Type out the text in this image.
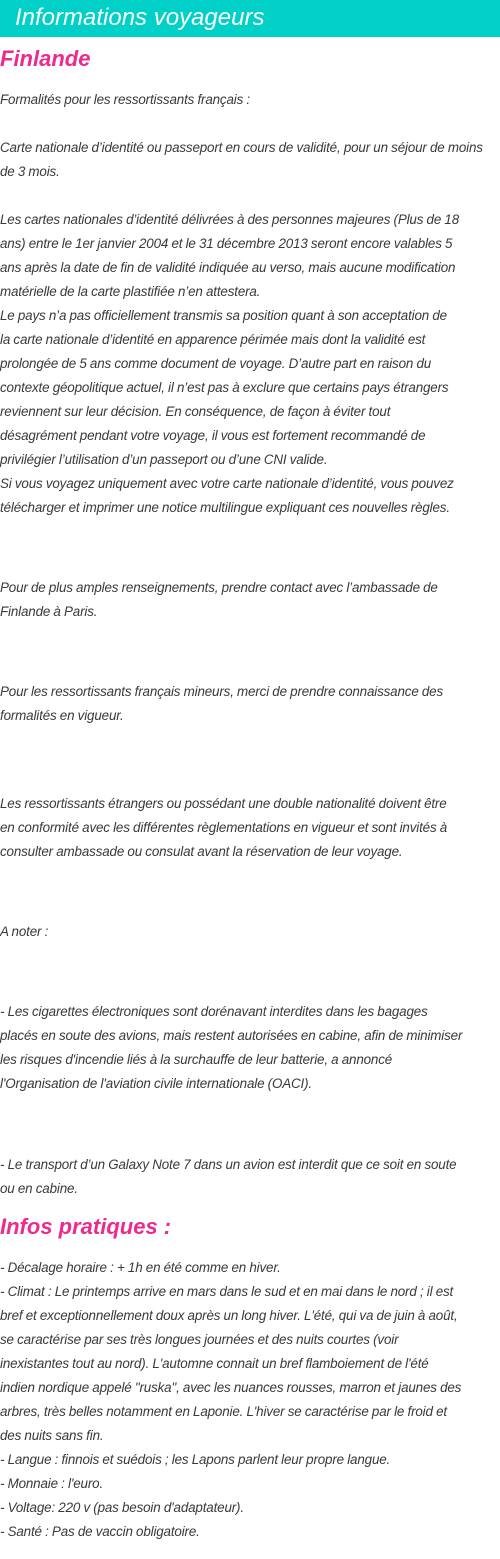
Informations voyageurs
Finlande

Formalités pour les ressortissants français :

Carte nationale d’identité ou passeport en cours de validité, pour un séjour de moins de 3 mois.

Les cartes nationales d’identité délivrées à des personnes majeures (Plus de 18
ans) entre le 1er janvier 2004 et le 31 décembre 2013 seront encore valables 5
ans après la date de fin de validité indiquée au verso, mais aucune modification
matérielle de la carte plastifiée n’en attestera.
Le pays n’a pas officiellement transmis sa position quant à son acceptation de
la carte nationale d’identité en apparence périmée mais dont la validité est
prolongée de 5 ans comme document de voyage. D’autre part en raison du
contexte géopolitique actuel, il n’est pas à exclure que certains pays étrangers
reviennent sur leur décision. En conséquence, de façon à éviter tout
désagrément pendant votre voyage, il vous est fortement recommandé de
privilégier l’utilisation d’un passeport ou d’une CNI valide.
Si vous voyagez uniquement avec votre carte nationale d’identité, vous pouvez
télécharger et imprimer une notice multilingue expliquant ces nouvelles règles.

Pour de plus amples renseignements, prendre contact avec l’ambassade de
Finlande à Paris.

Pour les ressortissants français mineurs, merci de prendre connaissance des
formalités en vigueur.

Les ressortissants étrangers ou possédant une double nationalité doivent être
en conformité avec les différentes règlementations en vigueur et sont invités à
consulter ambassade ou consulat avant la réservation de leur voyage.

A noter :

- Les cigarettes électroniques sont dorénavant interdites dans les bagages
placés en soute des avions, mais restent autorisées en cabine, afin de minimiser
les risques d'incendie liés à la surchauffe de leur batterie, a annoncé
l'Organisation de l'aviation civile internationale (OACI).

- Le transport d’un Galaxy Note 7 dans un avion est interdit que ce soit en soute
ou en cabine.

Infos pratiques :

- Décalage horaire : + 1h en été comme en hiver.
- Climat : Le printemps arrive en mars dans le sud et en mai dans le nord ; il est
bref et exceptionnellement doux après un long hiver. L'été, qui va de juin à août,
se caractérise par ses très longues journées et des nuits courtes (voir
inexistantes tout au nord). L'automne connait un bref flamboiement de l'été
indien nordique appelé "ruska", avec les nuances rousses, marron et jaunes des
arbres, très belles notamment en Laponie. L'hiver se caractérise par le froid et
des nuits sans fin.
- Langue : finnois et suédois ; les Lapons parlent leur propre langue.
- Monnaie : l'euro.
- Voltage: 220 v (pas besoin d'adaptateur).
- Santé : Pas de vaccin obligatoire.
